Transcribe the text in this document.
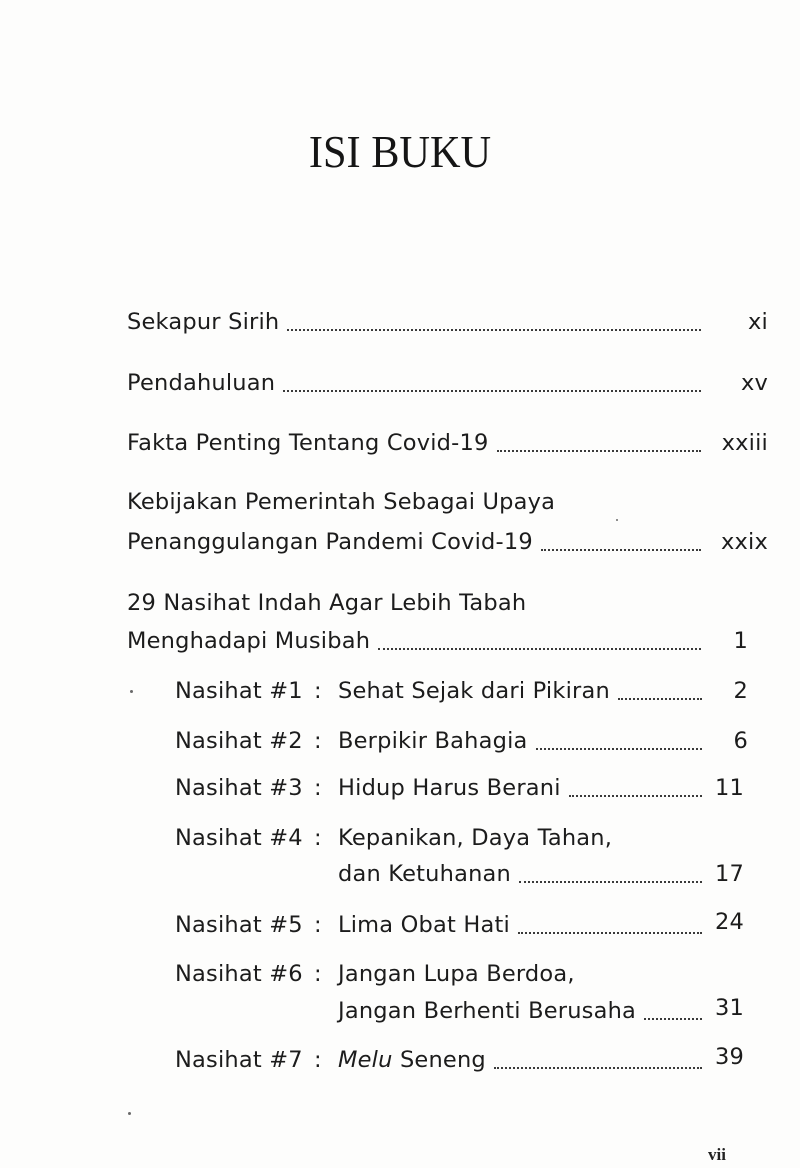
ISI BUKU
Sekapur Sirih	xi
Pendahuluan	xv
Fakta Penting Tentang Covid-19	xxiii
Kebijakan Pemerintah Sebagai Upaya
Penanggulangan Pandemi Covid-19	xxix
29 Nasihat Indah Agar Lebih Tabah
Menghadapi Musibah	1
Nasihat #1 : Sehat Sejak dari Pikiran	2
Nasihat #2 : Berpikir Bahagia	6
Nasihat #3 : Hidup Harus Berani	11
Nasihat #4 : Kepanikan, Daya Tahan,
dan Ketuhanan	17
Nasihat #5 : Lima Obat Hati	24
Nasihat #6 : Jangan Lupa Berdoa,
Jangan Berhenti Berusaha	31
Nasihat #7 : Melu Seneng	39
vii
